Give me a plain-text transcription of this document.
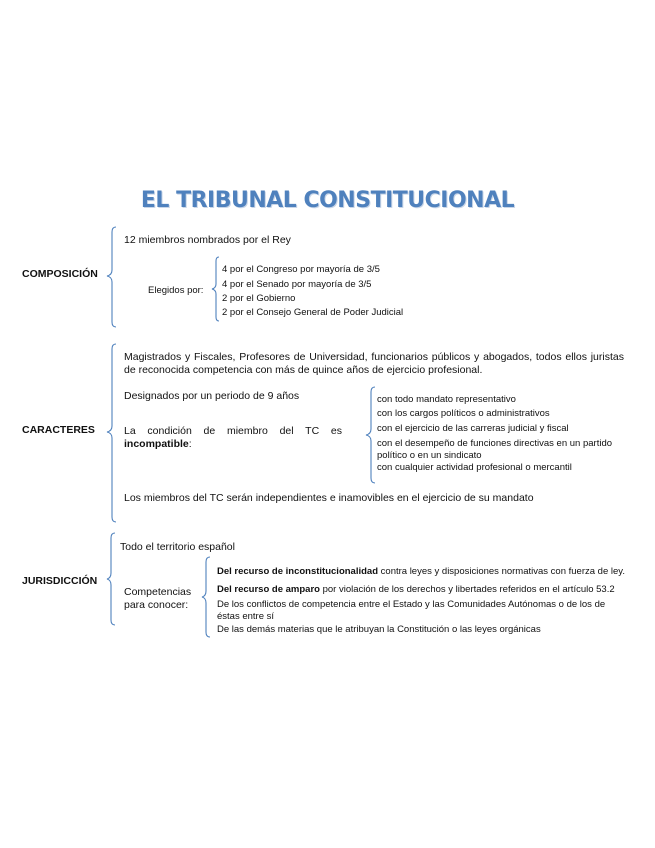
EL TRIBUNAL CONSTITUCIONAL
COMPOSICIÓN
12 miembros nombrados por el Rey
Elegidos por:
4 por el Congreso por mayoría de 3/5
4 por el Senado por mayoría de 3/5
2 por el Gobierno
2 por el Consejo General de Poder Judicial
CARACTERES
Magistrados y Fiscales, Profesores de Universidad, funcionarios públicos y abogados, todos ellos juristas de reconocida competencia con más de quince años de ejercicio profesional.
Designados por un periodo de 9 años
La condición de miembro del TC es
incompatible:
con todo mandato representativo
con los cargos políticos o administrativos
con el ejercicio de las carreras judicial y fiscal
con el desempeño de funciones directivas en un partido político o en un sindicato
con cualquier actividad profesional o mercantil
Los miembros del TC serán independientes e inamovibles en el ejercicio de su mandato
JURISDICCIÓN
Todo el territorio español
Competencias
para conocer:
Del recurso de inconstitucionalidad contra leyes y disposiciones normativas con fuerza de ley.
Del recurso de amparo por violación de los derechos y libertades referidos en el artículo 53.2
De los conflictos de competencia entre el Estado y las Comunidades Autónomas o de los de éstas entre sí
De las demás materias que le atribuyan la Constitución o las leyes orgánicas
